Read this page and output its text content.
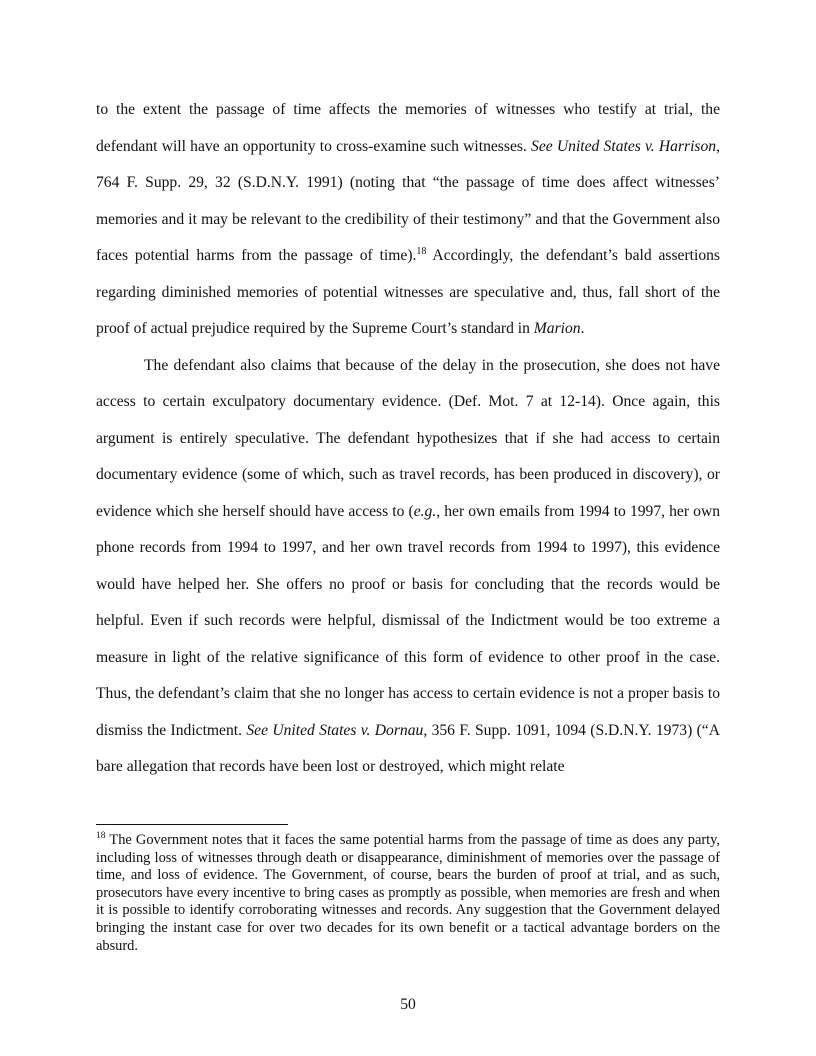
to the extent the passage of time affects the memories of witnesses who testify at trial, the defendant will have an opportunity to cross-examine such witnesses. See United States v. Harrison, 764 F. Supp. 29, 32 (S.D.N.Y. 1991) (noting that “the passage of time does affect witnesses’ memories and it may be relevant to the credibility of their testimony” and that the Government also faces potential harms from the passage of time).$^{18}$ Accordingly, the defendant’s bald assertions regarding diminished memories of potential witnesses are speculative and, thus, fall short of the proof of actual prejudice required by the Supreme Court’s standard in Marion.

The defendant also claims that because of the delay in the prosecution, she does not have access to certain exculpatory documentary evidence. (Def. Mot. 7 at 12-14). Once again, this argument is entirely speculative. The defendant hypothesizes that if she had access to certain documentary evidence (some of which, such as travel records, has been produced in discovery), or evidence which she herself should have access to (e.g., her own emails from 1994 to 1997, her own phone records from 1994 to 1997, and her own travel records from 1994 to 1997), this evidence would have helped her. She offers no proof or basis for concluding that the records would be helpful. Even if such records were helpful, dismissal of the Indictment would be too extreme a measure in light of the relative significance of this form of evidence to other proof in the case. Thus, the defendant’s claim that she no longer has access to certain evidence is not a proper basis to dismiss the Indictment. See United States v. Dornau, 356 F. Supp. 1091, 1094 (S.D.N.Y. 1973) (“A bare allegation that records have been lost or destroyed, which might relate

$^{18}$ The Government notes that it faces the same potential harms from the passage of time as does any party, including loss of witnesses through death or disappearance, diminishment of memories over the passage of time, and loss of evidence. The Government, of course, bears the burden of proof at trial, and as such, prosecutors have every incentive to bring cases as promptly as possible, when memories are fresh and when it is possible to identify corroborating witnesses and records. Any suggestion that the Government delayed bringing the instant case for over two decades for its own benefit or a tactical advantage borders on the absurd.

50
